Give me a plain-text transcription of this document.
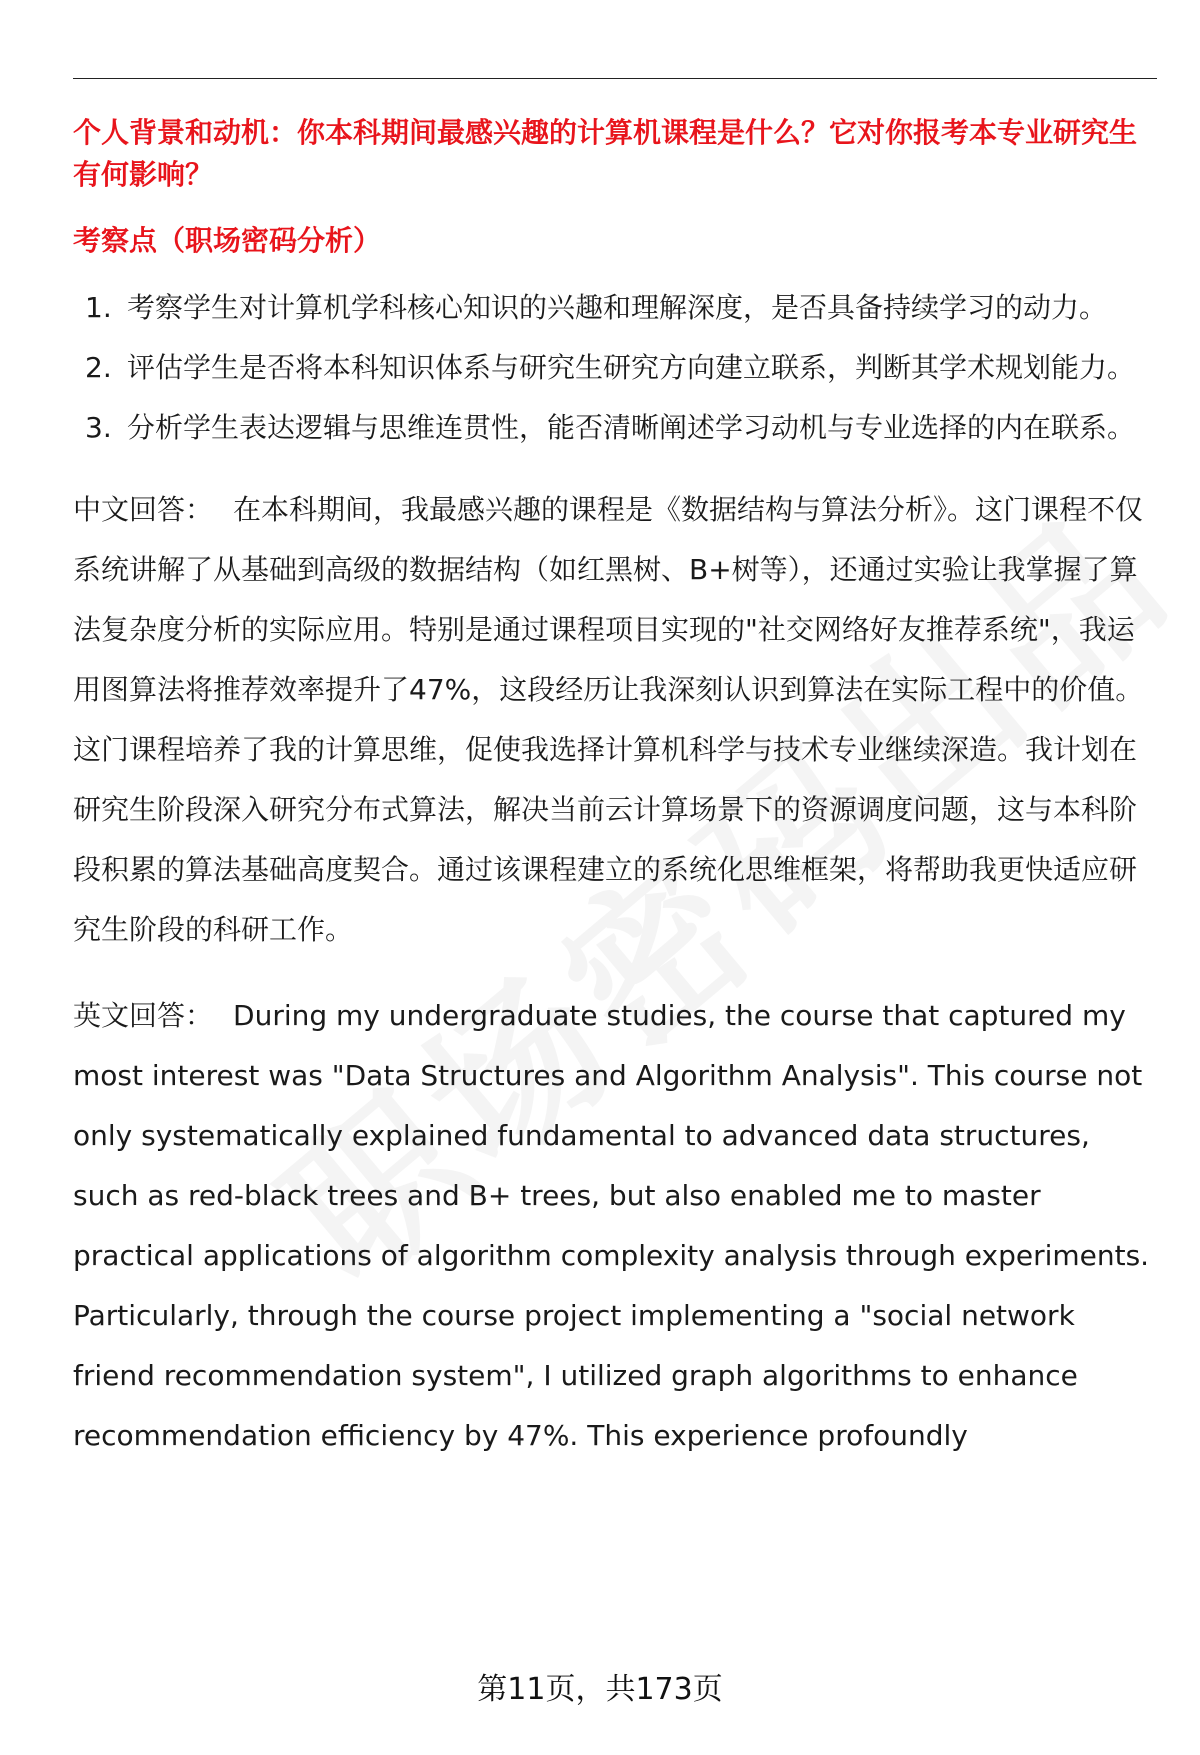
个人背景和动机：你本科期间最感兴趣的计算机课程是什么？它对你报考本专业研究生有何影响？

考察点（职场密码分析）

1. 考察学生对计算机学科核心知识的兴趣和理解深度，是否具备持续学习的动力。
2. 评估学生是否将本科知识体系与研究生研究方向建立联系，判断其学术规划能力。
3. 分析学生表达逻辑与思维连贯性，能否清晰阐述学习动机与专业选择的内在联系。

中文回答： 在本科期间，我最感兴趣的课程是《数据结构与算法分析》。这门课程不仅系统讲解了从基础到高级的数据结构（如红黑树、B+树等），还通过实验让我掌握了算法复杂度分析的实际应用。特别是通过课程项目实现的"社交网络好友推荐系统"，我运用图算法将推荐效率提升了47%，这段经历让我深刻认识到算法在实际工程中的价值。这门课程培养了我的计算思维，促使我选择计算机科学与技术专业继续深造。我计划在研究生阶段深入研究分布式算法，解决当前云计算场景下的资源调度问题，这与本科阶段积累的算法基础高度契合。通过该课程建立的系统化思维框架，将帮助我更快适应研究生阶段的科研工作。

英文回答： During my undergraduate studies, the course that captured my most interest was "Data Structures and Algorithm Analysis". This course not only systematically explained fundamental to advanced data structures, such as red-black trees and B+ trees, but also enabled me to master practical applications of algorithm complexity analysis through experiments. Particularly, through the course project implementing a "social network friend recommendation system", I utilized graph algorithms to enhance recommendation efficiency by 47%. This experience profoundly

第11页，共173页
